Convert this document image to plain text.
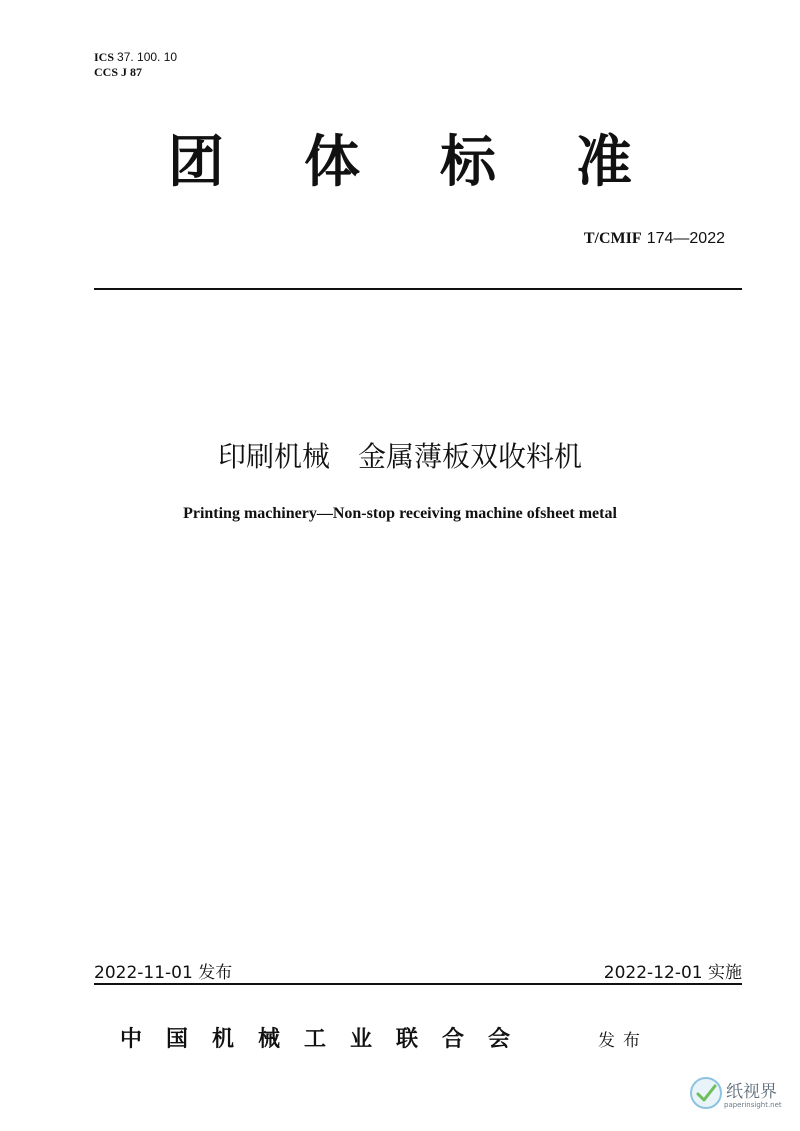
ICS 37. 100. 10
CCS J 87
团体标准
T/CMIF 174—2022
印刷机械　金属薄板双收料机
Printing machinery—Non-stop receiving machine ofsheet metal
2022-11-01 发布	2022-12-01 实施
中国机械工业联合会	发布
纸视界
paperinsight.net
